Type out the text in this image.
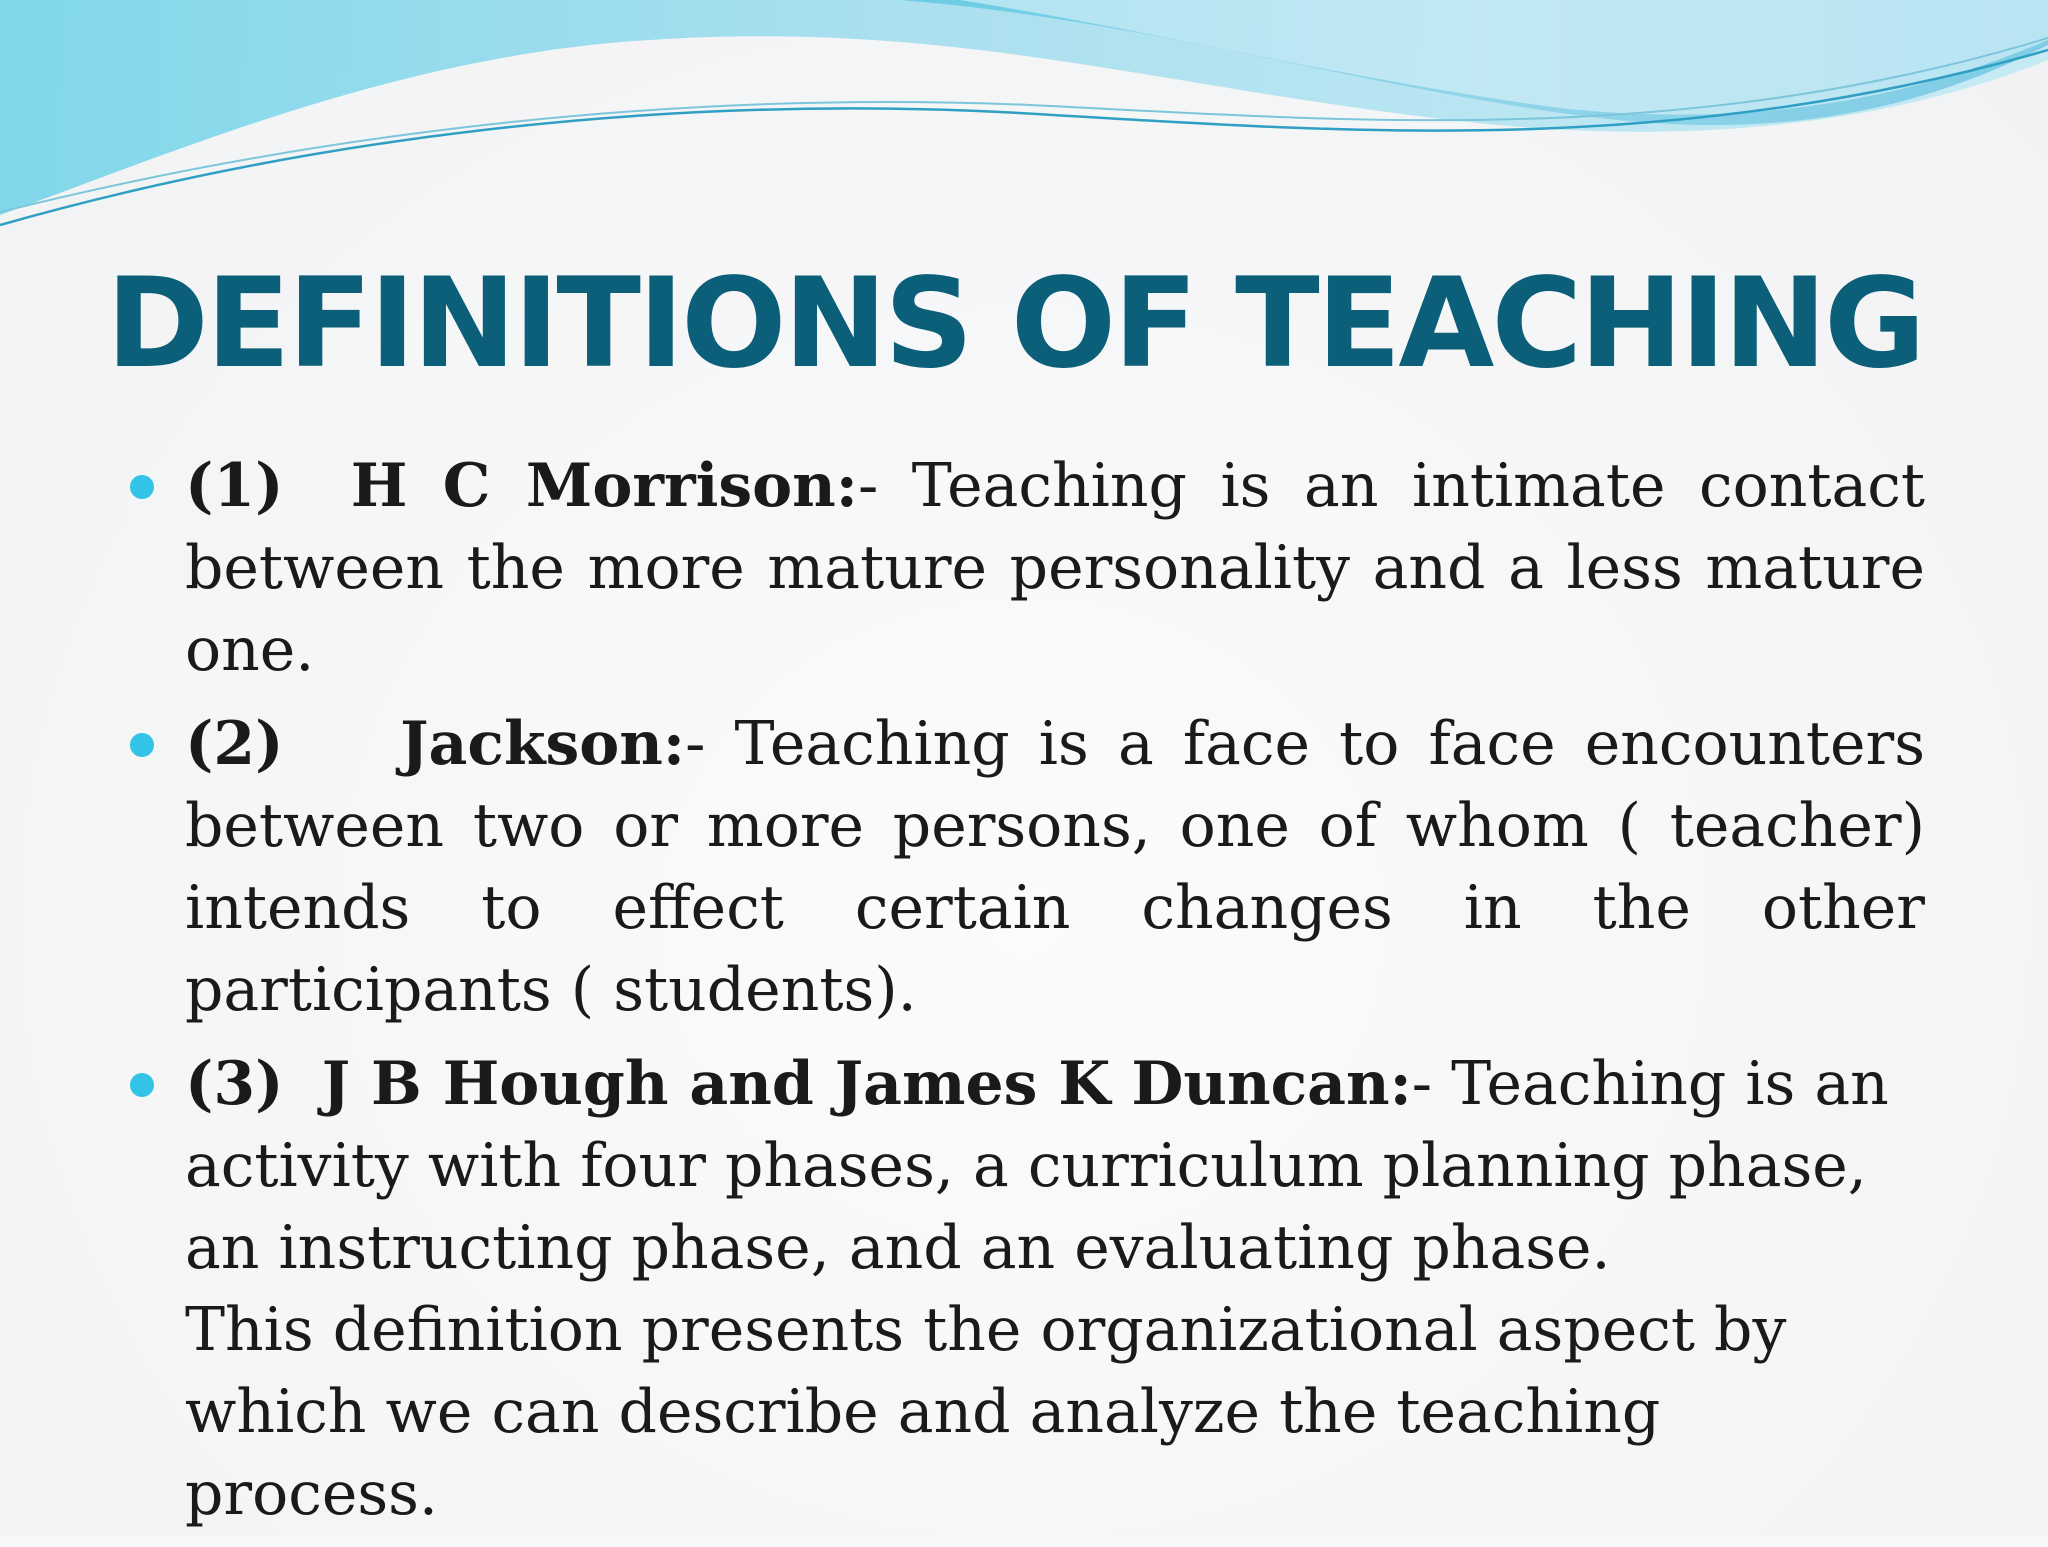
DEFINITIONS OF TEACHING
(1) H C Morrison:- Teaching is an intimate contact between the more mature personality and a less mature one.
(2) Jackson:- Teaching is a face to face encounters between two or more persons, one of whom ( teacher) intends to effect certain changes in the other participants ( students).
(3) J B Hough and James K Duncan:- Teaching is an activity with four phases, a curriculum planning phase, an instructing phase, and an evaluating phase.
This definition presents the organizational aspect by which we can describe and analyze the teaching process.
